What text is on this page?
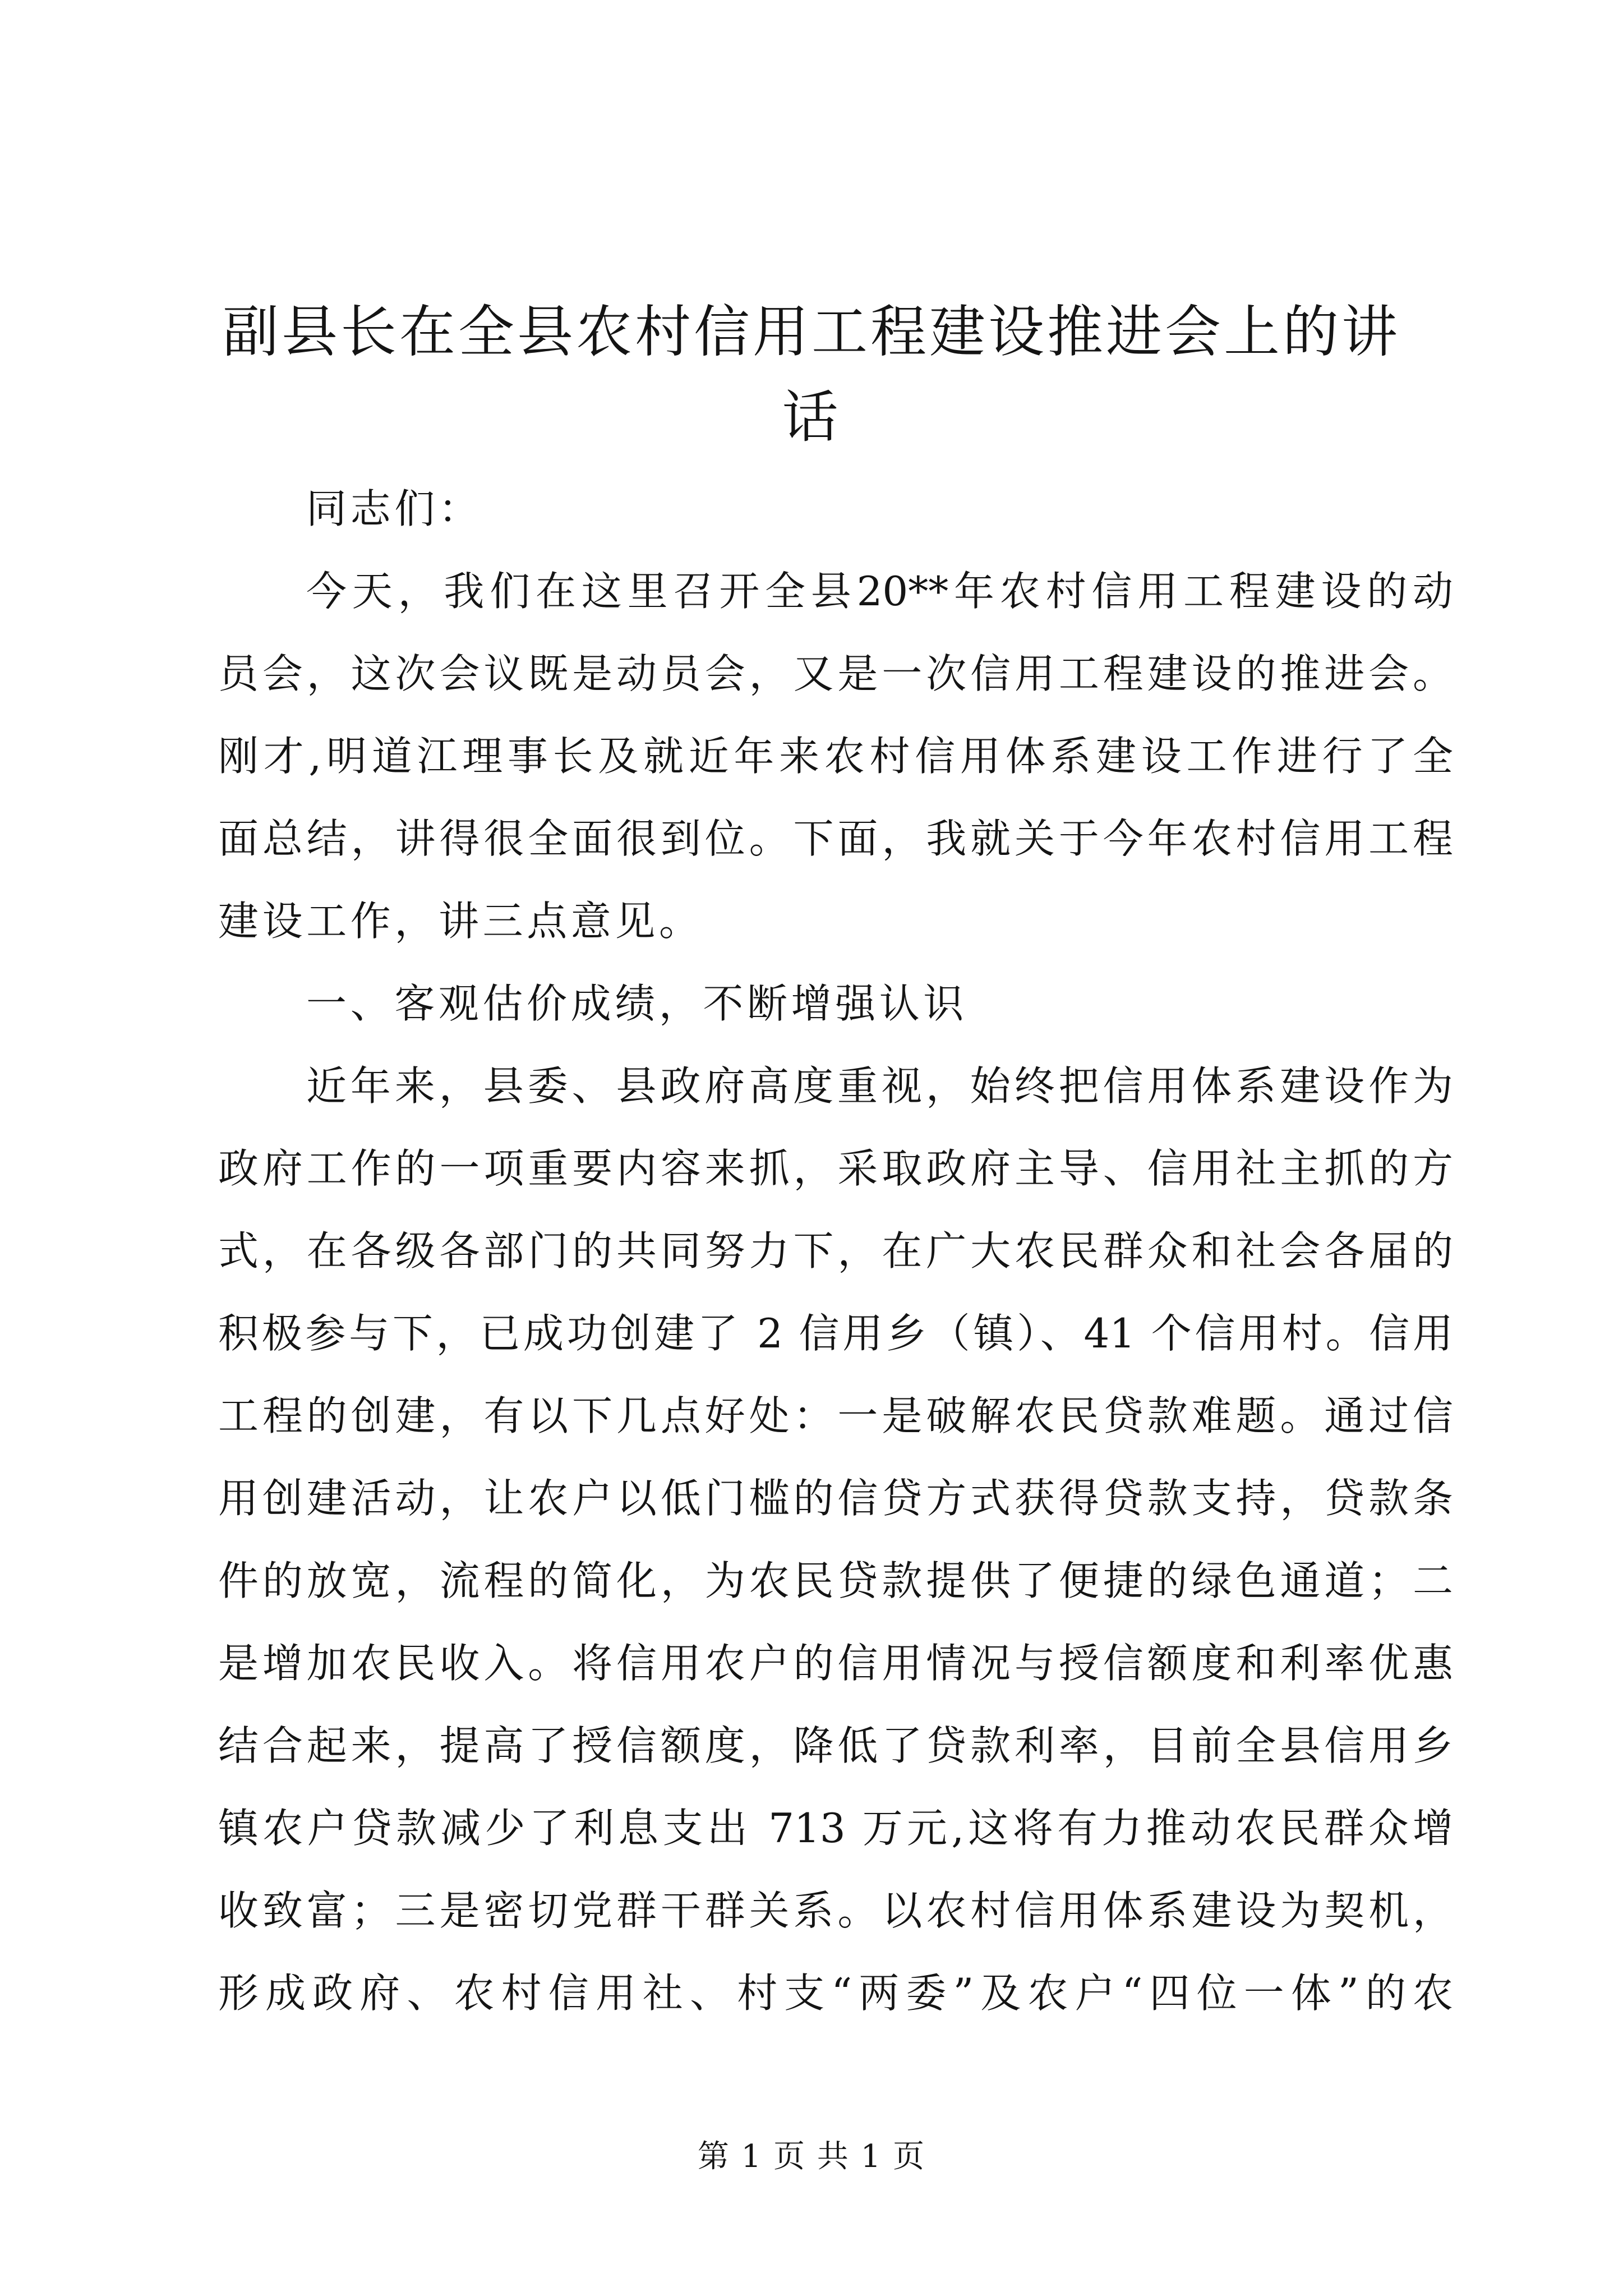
副县长在全县农村信用工程建设推进会上的讲
话
同志们：
今天，我们在这里召开全县20**年农村信用工程建设的动
员会，这次会议既是动员会，又是一次信用工程建设的推进会。
刚才,明道江理事长及就近年来农村信用体系建设工作进行了全
面总结，讲得很全面很到位。下面，我就关于今年农村信用工程
建设工作，讲三点意见。
一、客观估价成绩，不断增强认识
近年来，县委、县政府高度重视，始终把信用体系建设作为
政府工作的一项重要内容来抓，采取政府主导、信用社主抓的方
式，在各级各部门的共同努力下，在广大农民群众和社会各届的
积极参与下，已成功创建了 2 信用乡（镇）、41 个信用村。信用
工程的创建，有以下几点好处：一是破解农民贷款难题。通过信
用创建活动，让农户以低门槛的信贷方式获得贷款支持，贷款条
件的放宽，流程的简化，为农民贷款提供了便捷的绿色通道；二
是增加农民收入。将信用农户的信用情况与授信额度和利率优惠
结合起来，提高了授信额度，降低了贷款利率，目前全县信用乡
镇农户贷款减少了利息支出 713 万元,这将有力推动农民群众增
收致富；三是密切党群干群关系。以农村信用体系建设为契机，
形成政府、农村信用社、村支“两委”及农户“四位一体”的农
第 1 页 共 1 页
